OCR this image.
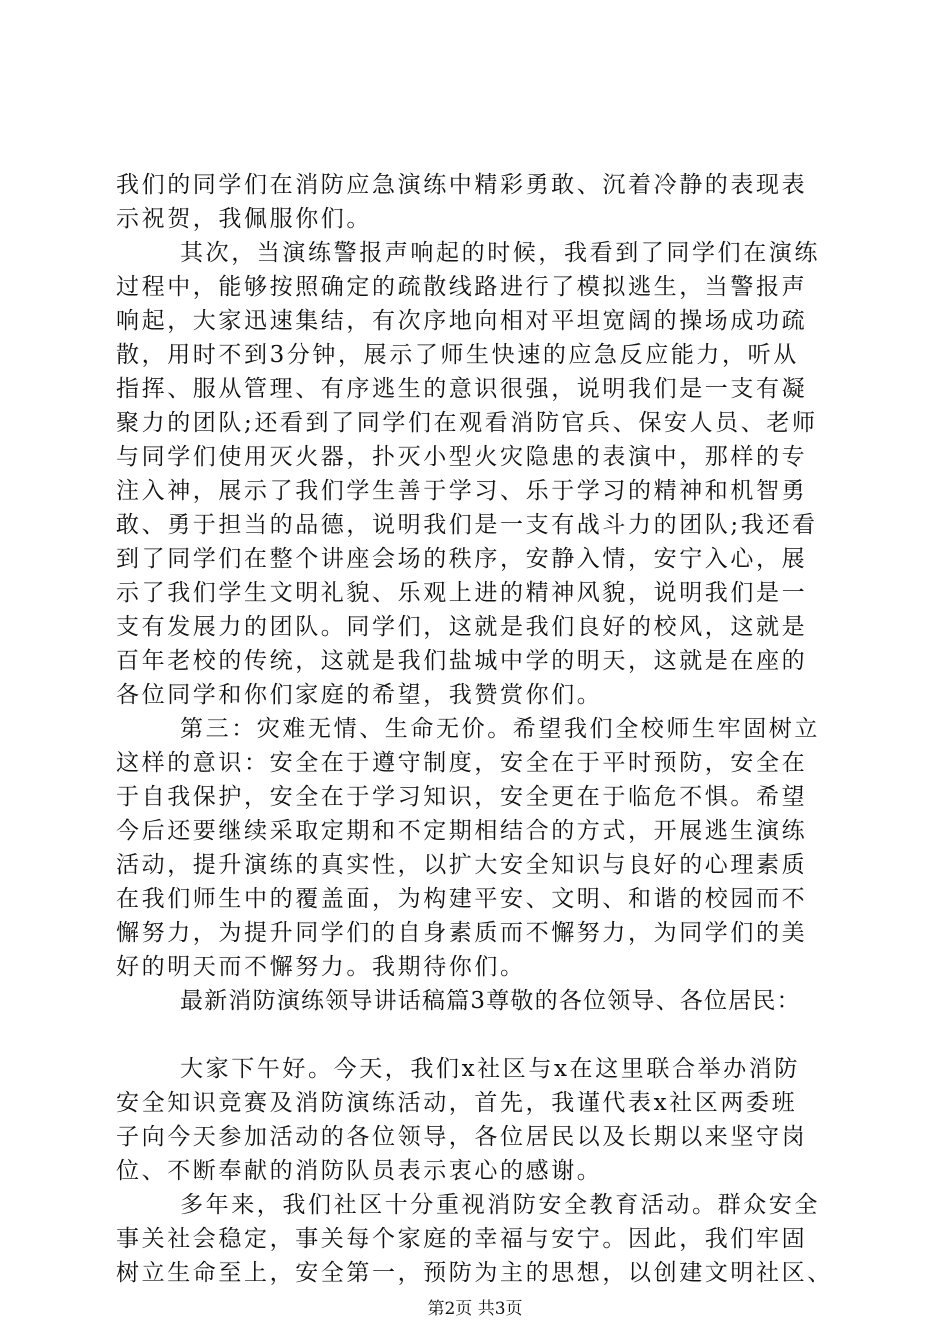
我们的同学们在消防应急演练中精彩勇敢、沉着冷静的表现表
示祝贺，我佩服你们。
其次，当演练警报声响起的时候，我看到了同学们在演练
过程中，能够按照确定的疏散线路进行了模拟逃生，当警报声
响起，大家迅速集结，有次序地向相对平坦宽阔的操场成功疏
散，用时不到3分钟，展示了师生快速的应急反应能力，听从
指挥、服从管理、有序逃生的意识很强，说明我们是一支有凝
聚力的团队;还看到了同学们在观看消防官兵、保安人员、老师
与同学们使用灭火器，扑灭小型火灾隐患的表演中，那样的专
注入神，展示了我们学生善于学习、乐于学习的精神和机智勇
敢、勇于担当的品德，说明我们是一支有战斗力的团队;我还看
到了同学们在整个讲座会场的秩序，安静入情，安宁入心，展
示了我们学生文明礼貌、乐观上进的精神风貌，说明我们是一
支有发展力的团队。同学们，这就是我们良好的校风，这就是
百年老校的传统，这就是我们盐城中学的明天，这就是在座的
各位同学和你们家庭的希望，我赞赏你们。
第三：灾难无情、生命无价。希望我们全校师生牢固树立
这样的意识：安全在于遵守制度，安全在于平时预防，安全在
于自我保护，安全在于学习知识，安全更在于临危不惧。希望
今后还要继续采取定期和不定期相结合的方式，开展逃生演练
活动，提升演练的真实性，以扩大安全知识与良好的心理素质
在我们师生中的覆盖面，为构建平安、文明、和谐的校园而不
懈努力，为提升同学们的自身素质而不懈努力，为同学们的美
好的明天而不懈努力。我期待你们。
最新消防演练领导讲话稿篇3尊敬的各位领导、各位居民：
大家下午好。今天，我们x社区与x在这里联合举办消防
安全知识竞赛及消防演练活动，首先，我谨代表x社区两委班
子向今天参加活动的各位领导，各位居民以及长期以来坚守岗
位、不断奉献的消防队员表示衷心的感谢。
多年来，我们社区十分重视消防安全教育活动。群众安全
事关社会稳定，事关每个家庭的幸福与安宁。因此，我们牢固
树立生命至上，安全第一，预防为主的思想，以创建文明社区、
第2页 共3页
